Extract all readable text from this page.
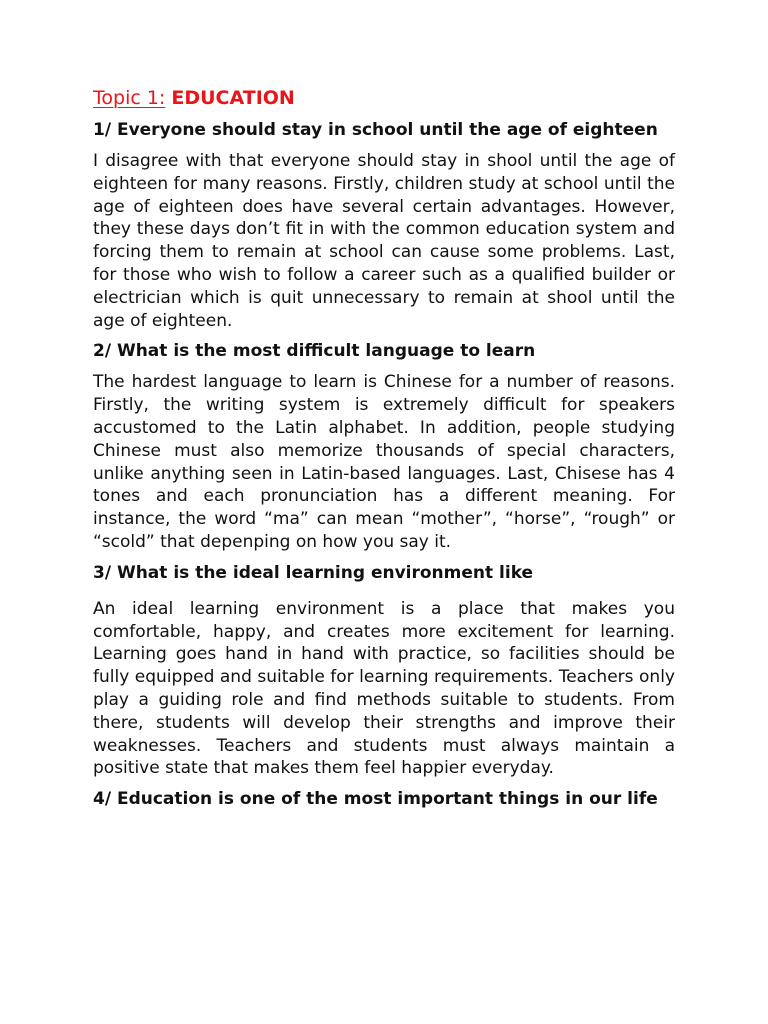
Topic 1: EDUCATION

1/ Everyone should stay in school until the age of eighteen

I disagree with that everyone should stay in shool until the age of eighteen for many reasons. Firstly, children study at school until the age of eighteen does have several certain advantages. However, they these days don’t fit in with the common education system and forcing them to remain at school can cause some problems. Last, for those who wish to follow a career such as a qualified builder or electrician which is quit unnecessary to remain at shool until the age of eighteen.

2/ What is the most difficult language to learn

The hardest language to learn is Chinese for a number of reasons. Firstly, the writing system is extremely difficult for speakers accustomed to the Latin alphabet. In addition, people studying Chinese must also memorize thousands of special characters, unlike anything seen in Latin-based languages. Last, Chisese has 4 tones and each pronunciation has a different meaning. For instance, the word “ma” can mean “mother”, “horse”, “rough” or “scold” that depenping on how you say it.

3/ What is the ideal learning environment like

An ideal learning environment is a place that makes you comfortable, happy, and creates more excitement for learning. Learning goes hand in hand with practice, so facilities should be fully equipped and suitable for learning requirements. Teachers only play a guiding role and find methods suitable to students. From there, students will develop their strengths and improve their weaknesses. Teachers and students must always maintain a positive state that makes them feel happier everyday.

4/ Education is one of the most important things in our life
